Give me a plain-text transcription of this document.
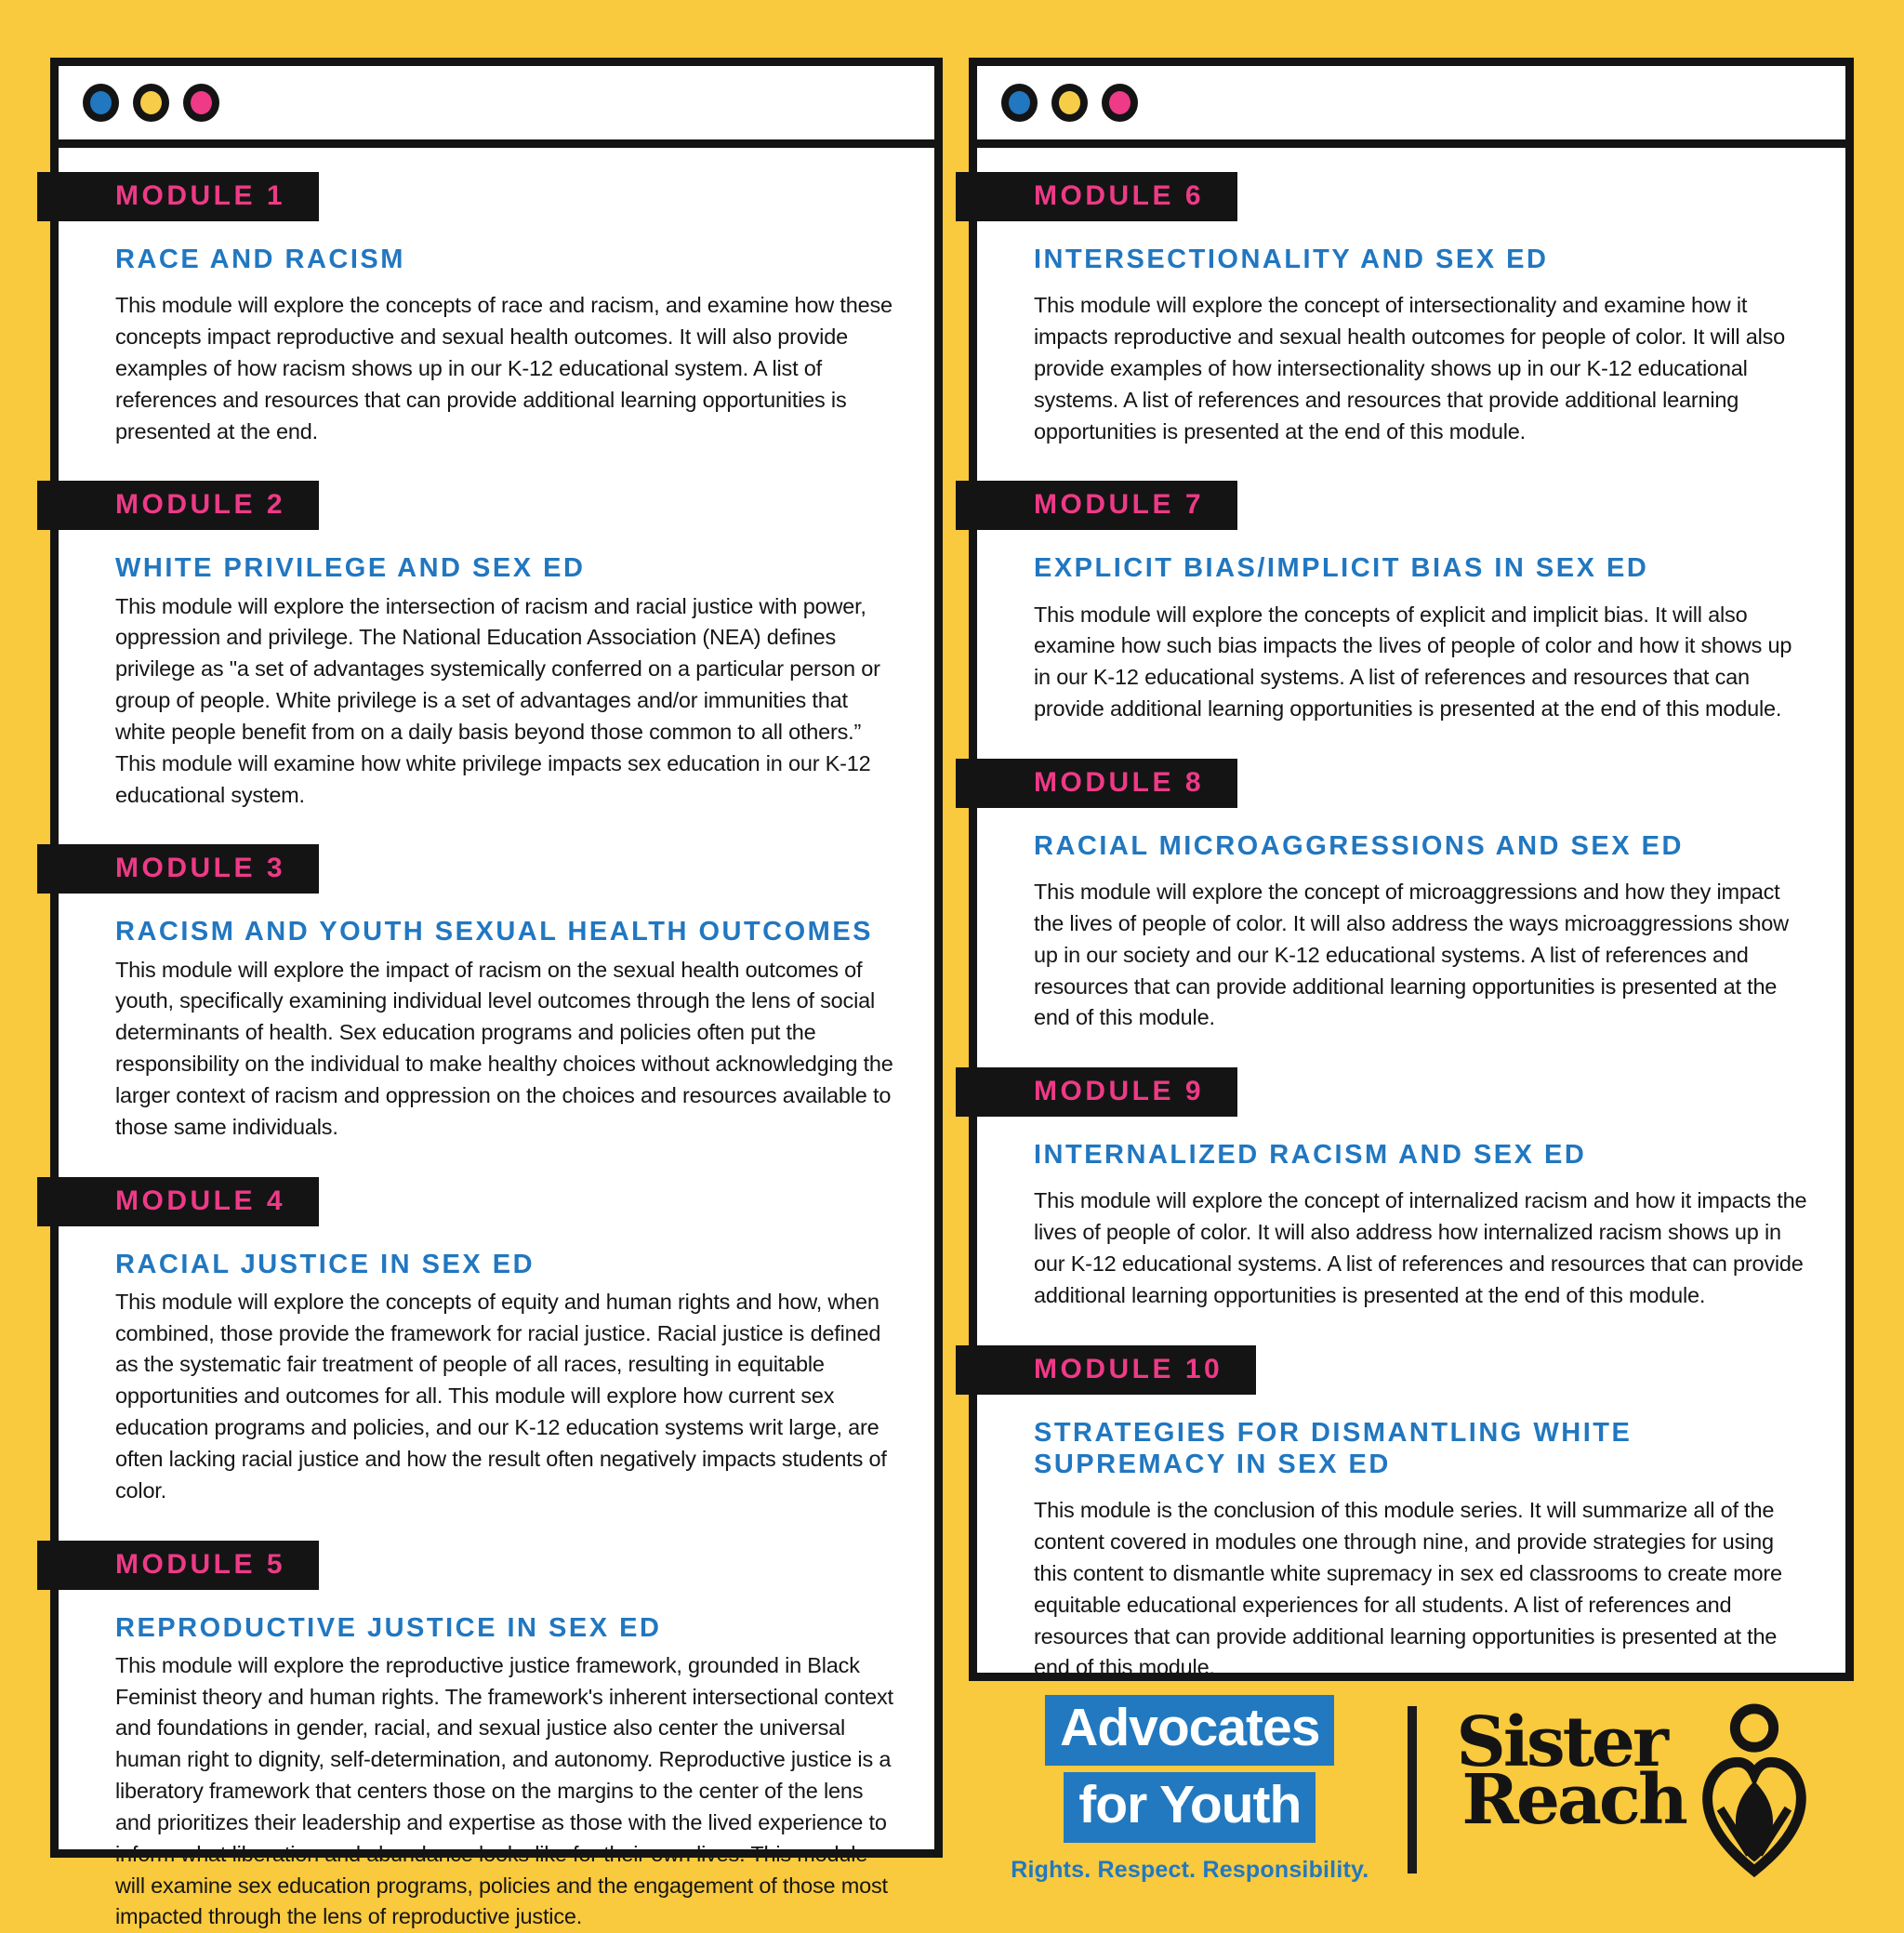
MODULE 1
RACE AND RACISM

This module will explore the concepts of race and racism, and examine how these concepts impact reproductive and sexual health outcomes. It will also provide examples of how racism shows up in our K-12 educational system. A list of references and resources that can provide additional learning opportunities is presented at the end.

MODULE 2
WHITE PRIVILEGE AND SEX ED

This module will explore the intersection of racism and racial justice with power, oppression and privilege. The National Education Association (NEA) defines privilege as "a set of advantages systemically conferred on a particular person or group of people. White privilege is a set of advantages and/or immunities that white people benefit from on a daily basis beyond those common to all others.” This module will examine how white privilege impacts sex education in our K-12 educational system.

MODULE 3
RACISM AND YOUTH SEXUAL HEALTH OUTCOMES

This module will explore the impact of racism on the sexual health outcomes of youth, specifically examining individual level outcomes through the lens of social determinants of health. Sex education programs and policies often put the responsibility on the individual to make healthy choices without acknowledging the larger context of racism and oppression on the choices and resources available to those same individuals.

MODULE 4
RACIAL JUSTICE IN SEX ED

This module will explore the concepts of equity and human rights and how, when combined, those provide the framework for racial justice. Racial justice is defined as the systematic fair treatment of people of all races, resulting in equitable opportunities and outcomes for all. This module will explore how current sex education programs and policies, and our K-12 education systems writ large, are often lacking racial justice and how the result often negatively impacts students of color.

MODULE 5
REPRODUCTIVE JUSTICE IN SEX ED

This module will explore the reproductive justice framework, grounded in Black Feminist theory and human rights. The framework's inherent intersectional context and foundations in gender, racial, and sexual justice also center the universal human right to dignity, self-determination, and autonomy. Reproductive justice is a liberatory framework that centers those on the margins to the center of the lens and prioritizes their leadership and expertise as those with the lived experience to inform what liberation and abundance looks like for their own lives. This module will examine sex education programs, policies and the engagement of those most impacted through the lens of reproductive justice.

MODULE 6
INTERSECTIONALITY AND SEX ED

This module will explore the concept of intersectionality and examine how it impacts reproductive and sexual health outcomes for people of color. It will also provide examples of how intersectionality shows up in our K-12 educational systems. A list of references and resources that provide additional learning opportunities is presented at the end of this module.

MODULE 7
EXPLICIT BIAS/IMPLICIT BIAS IN SEX ED

This module will explore the concepts of explicit and implicit bias. It will also examine how such bias impacts the lives of people of color and how it shows up in our K-12 educational systems. A list of references and resources that can provide additional learning opportunities is presented at the end of this module.

MODULE 8
RACIAL MICROAGGRESSIONS AND SEX ED

This module will explore the concept of microaggressions and how they impact the lives of people of color. It will also address the ways microaggressions show up in our society and our K-12 educational systems. A list of references and resources that can provide additional learning opportunities is presented at the end of this module.

MODULE 9
INTERNALIZED RACISM AND SEX ED

This module will explore the concept of internalized racism and how it impacts the lives of people of color. It will also address how internalized racism shows up in our K-12 educational systems. A list of references and resources that can provide additional learning opportunities is presented at the end of this module.

MODULE 10
STRATEGIES FOR DISMANTLING WHITE SUPREMACY IN SEX ED

This module is the conclusion of this module series. It will summarize all of the content covered in modules one through nine, and provide strategies for using this content to dismantle white supremacy in sex ed classrooms to create more equitable educational experiences for all students. A list of references and resources that can provide additional learning opportunities is presented at the end of this module.

Advocates
for Youth
Rights. Respect. Responsibility.
Sister
Reach
